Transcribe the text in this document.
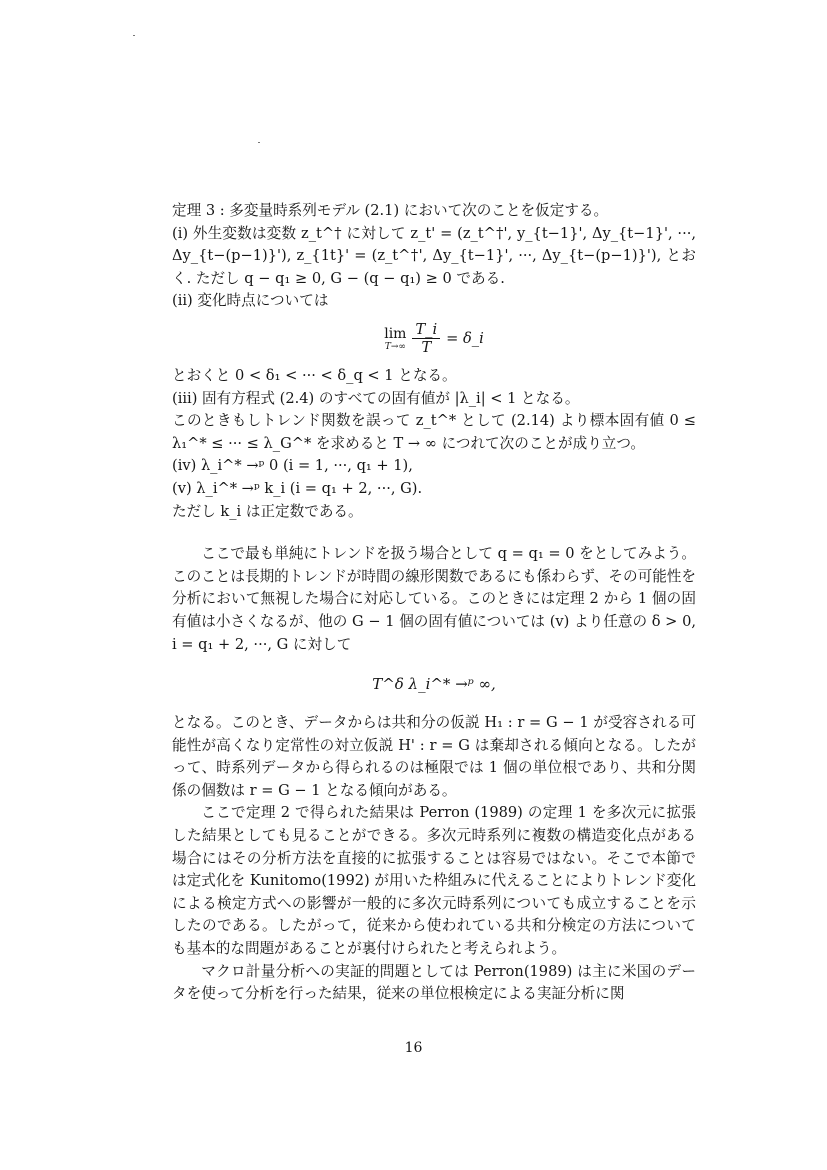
定理 3 : 多変量時系列モデル (2.1) において次のことを仮定する。

(i) 外生変数は変数 z_t^† に対して z_t' = (z_t^†', y_{t−1}', Δy_{t−1}', ···, Δy_{t−(p−1)}'), z_{1t}' = (z_t^†', Δy_{t−1}', ···, Δy_{t−(p−1)}'), とおく. ただし q − q₁ ≥ 0, G − (q − q₁) ≥ 0 である.

(ii) 変化時点については

lim
$T\to\infty \frac{T\_i}{T}$ = δ_i

とおくと 0 < δ₁ < ··· < δ_q < 1 となる。

(iii) 固有方程式 (2.4) のすべての固有値が |λ_i| < 1 となる。

このときもしトレンド関数を誤って z_t^* として (2.14) より標本固有値 0 ≤ λ₁^* ≤ ··· ≤ λ_G^* を求めると T → ∞ につれて次のことが成り立つ。

(iv) λ_i^* →ᵖ 0 (i = 1, ···, q₁ + 1),

(v) λ_i^* →ᵖ k_i (i = q₁ + 2, ···, G).

ただし k_i は正定数である。

ここで最も単純にトレンドを扱う場合として q = q₁ = 0 をとしてみよう。このことは長期的トレンドが時間の線形関数であるにも係わらず、その可能性を分析において無視した場合に対応している。このときには定理 2 から 1 個の固有値は小さくなるが、他の G − 1 個の固有値については (v) より任意の δ > 0, i = q₁ + 2, ···, G に対して

T^δ λ_i^* →ᵖ ∞,

となる。このとき、データからは共和分の仮説 H₁ : r = G − 1 が受容される可能性が高くなり定常性の対立仮説 H' : r = G は棄却される傾向となる。したがって、時系列データから得られるのは極限では 1 個の単位根であり、共和分関係の個数は r = G − 1 となる傾向がある。

ここで定理 2 で得られた結果は Perron (1989) の定理 1 を多次元に拡張した結果としても見ることができる。多次元時系列に複数の構造変化点がある場合にはその分析方法を直接的に拡張することは容易ではない。そこで本節では定式化を Kunitomo(1992) が用いた枠組みに代えることによりトレンド変化による検定方式への影響が一般的に多次元時系列についても成立することを示したのである。したがって，従来から使われている共和分検定の方法についても基本的な問題があることが裏付けられたと考えられよう。

マクロ計量分析への実証的問題としては Perron(1989) は主に米国のデータを使って分析を行った結果，従来の単位根検定による実証分析に関

16
